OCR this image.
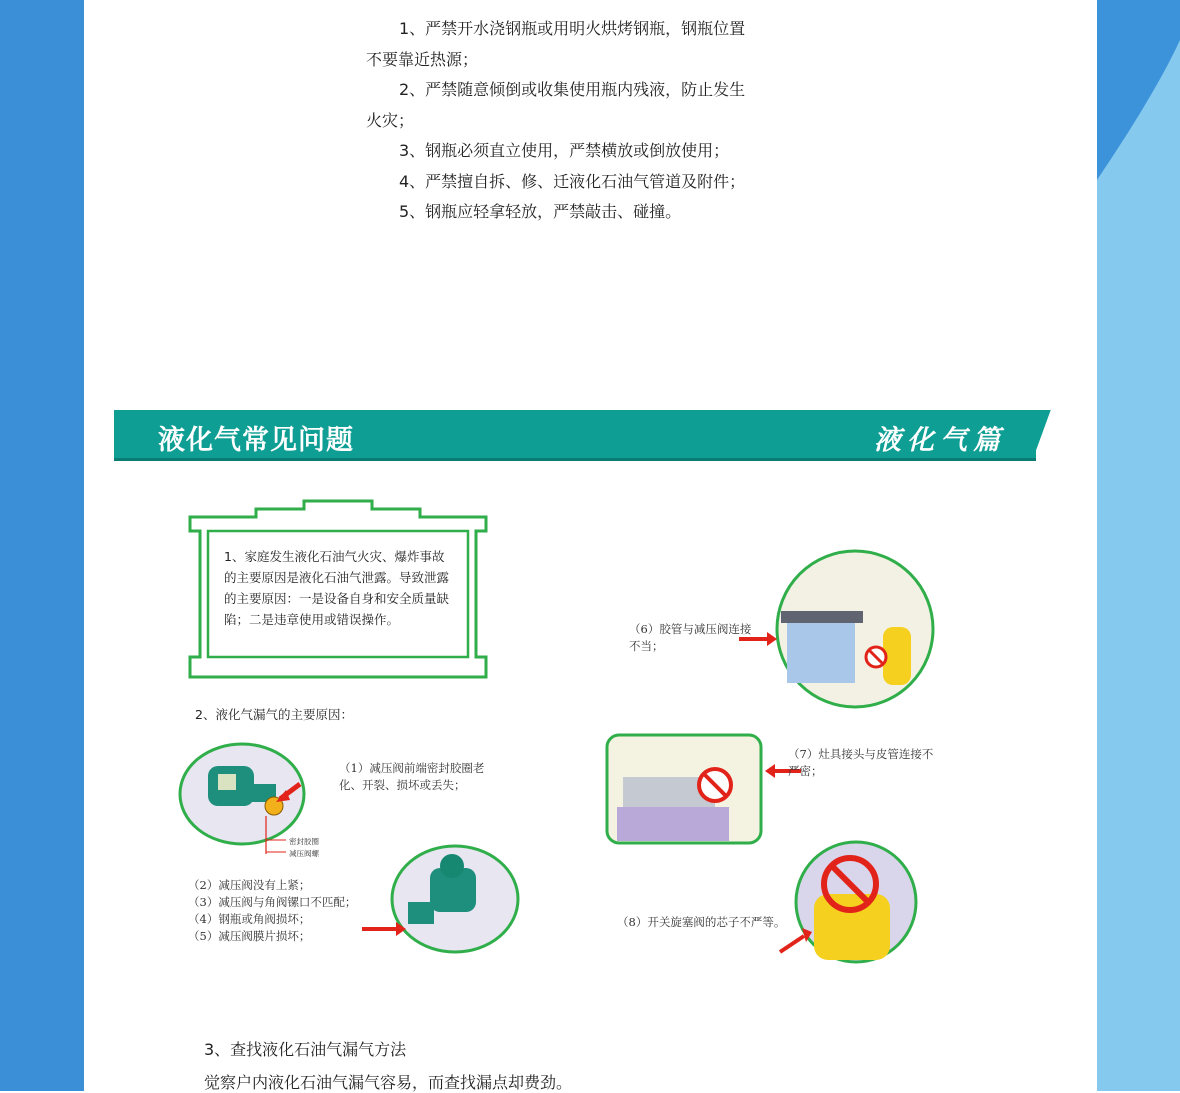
1、严禁开水浇钢瓶或用明火烘烤钢瓶，钢瓶位置

不要靠近热源；

2、严禁随意倾倒或收集使用瓶内残液，防止发生

火灾；

3、钢瓶必须直立使用，严禁横放或倒放使用；

4、严禁擅自拆、修、迁液化石油气管道及附件；

5、钢瓶应轻拿轻放，严禁敲击、碰撞。

液化气常见问题	液化气篇
1、家庭发生液化石油气火灾、爆炸事故的主要原因是液化石油气泄露。导致泄露的主要原因：一是设备自身和安全质量缺陷；二是违章使用或错误操作。
2、液化气漏气的主要原因：
密封胶圈
减压阀螺
（1）减压阀前端密封胶圈老化、开裂、损坏或丢失；
（2）减压阀没有上紧；
（3）减压阀与角阀镙口不匹配；
（4）钢瓶或角阀损坏；
（5）减压阀膜片损坏；
（6）胶管与减压阀连接不当；
（7）灶具接头与皮管连接不严密；
（8）开关旋塞阀的芯子不严等。
3、查找液化石油气漏气方法
觉察户内液化石油气漏气容易，而查找漏点却费劲。
